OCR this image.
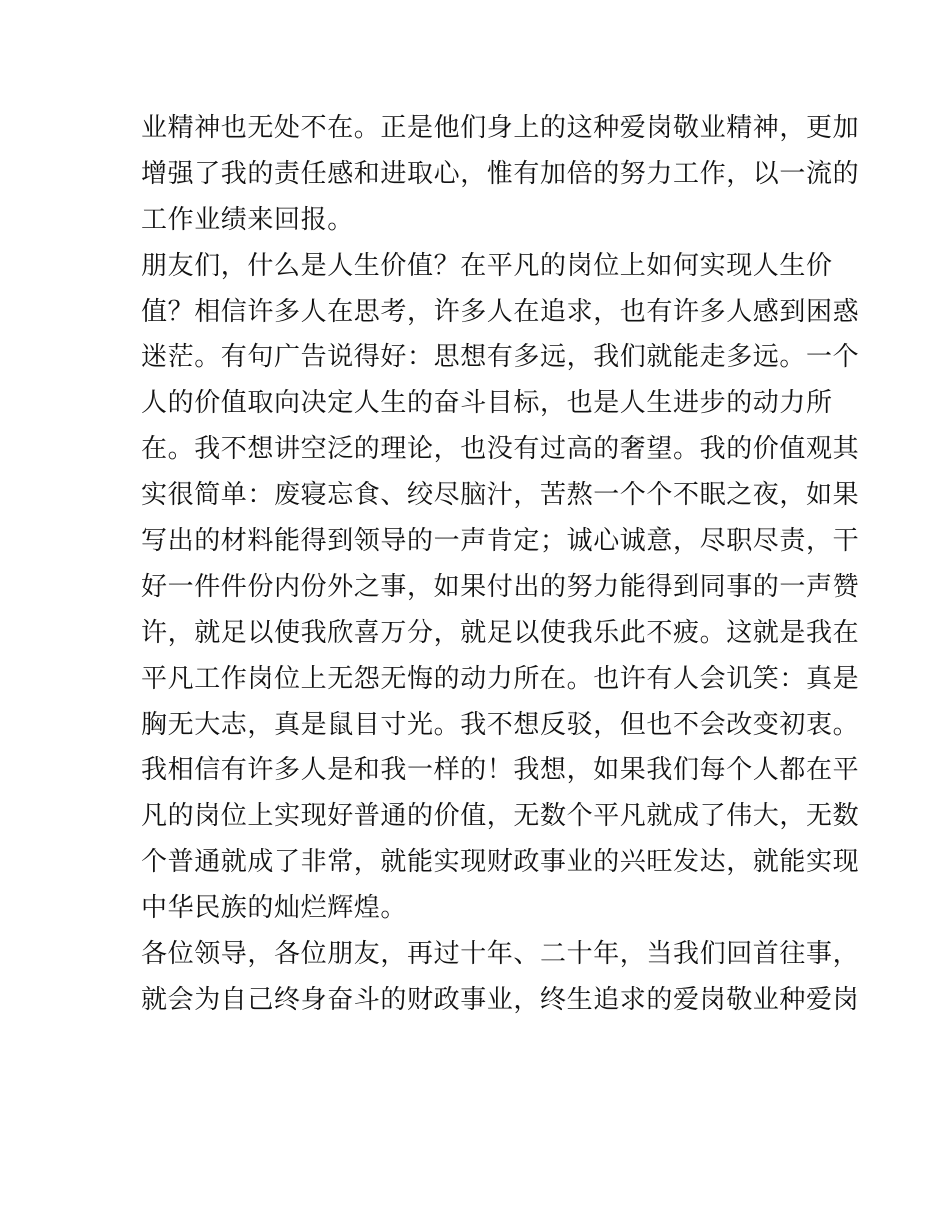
业精神也无处不在。正是他们身上的这种爱岗敬业精神，更加
增强了我的责任感和进取心，惟有加倍的努力工作，以一流的
工作业绩来回报。
朋友们，什么是人生价值？在平凡的岗位上如何实现人生价
值？相信许多人在思考，许多人在追求，也有许多人感到困惑
迷茫。有句广告说得好：思想有多远，我们就能走多远。一个
人的价值取向决定人生的奋斗目标，也是人生进步的动力所
在。我不想讲空泛的理论，也没有过高的奢望。我的价值观其
实很简单：废寝忘食、绞尽脑汁，苦熬一个个不眠之夜，如果
写出的材料能得到领导的一声肯定；诚心诚意，尽职尽责，干
好一件件份内份外之事，如果付出的努力能得到同事的一声赞
许，就足以使我欣喜万分，就足以使我乐此不疲。这就是我在
平凡工作岗位上无怨无悔的动力所在。也许有人会讥笑：真是
胸无大志，真是鼠目寸光。我不想反驳，但也不会改变初衷。
我相信有许多人是和我一样的！我想，如果我们每个人都在平
凡的岗位上实现好普通的价值，无数个平凡就成了伟大，无数
个普通就成了非常，就能实现财政事业的兴旺发达，就能实现
中华民族的灿烂辉煌。
各位领导，各位朋友，再过十年、二十年，当我们回首往事，
就会为自己终身奋斗的财政事业，终生追求的爱岗敬业种爱岗
